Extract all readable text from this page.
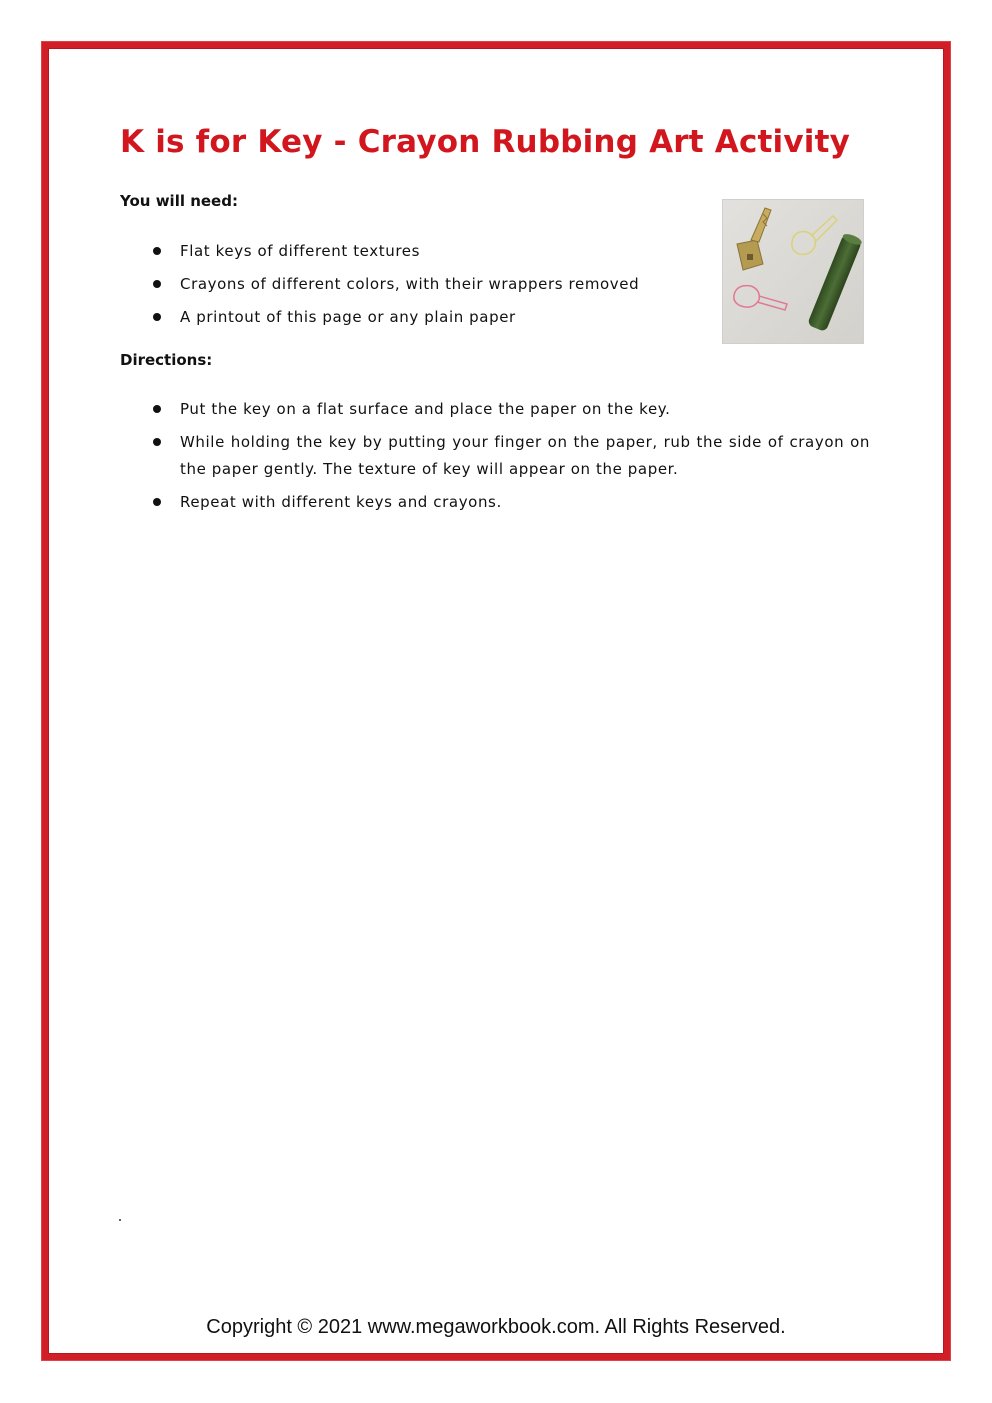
K is for Key - Crayon Rubbing Art Activity
You will need:
Flat keys of different textures
Crayons of different colors, with their wrappers removed
A printout of this page or any plain paper
Directions:
Put the key on a flat surface and place the paper on the key.
While holding the key by putting your finger on the paper, rub the side of crayon on the paper gently. The texture of key will appear on the paper.
Repeat with different keys and crayons.
Copyright © 2021 www.megaworkbook.com. All Rights Reserved.
